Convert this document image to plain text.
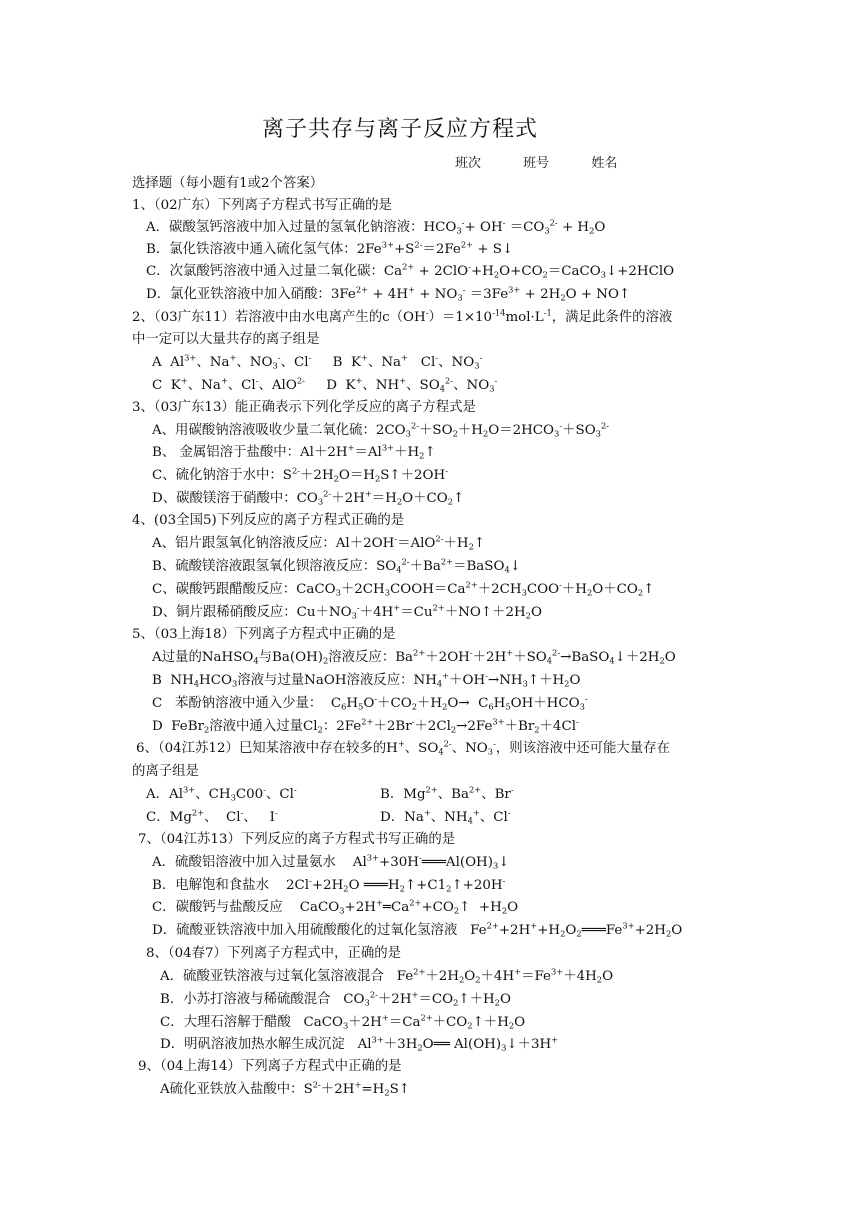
离子共存与离子反应方程式
班次	班号	姓名
选择题（每小题有1或2个答案）
1、（02广东）下列离子方程式书写正确的是
A．碳酸氢钙溶液中加入过量的氢氧化钠溶液：$HCO_3^-+ OH^- =CO_3^{2-} + H_2O$
B．氯化铁溶液中通入硫化氢气体：$2Fe^{3+}+S^{2-}=2Fe^{2+}$ + S↓
C．次氯酸钙溶液中通入过量二氧化碳：$Ca^{2+}$ + $2ClO^-+H_2O+CO_2=CaCO_3↓+2HClO$
D．氯化亚铁溶液中加入硝酸：$3Fe^{2+} + 4H^+ + NO_3^- =3Fe^{3+} + 2H_2O$ + NO↑
2、（03广东11）若溶液中由水电离产生的$c(OH^-)=1\times 10^{-14}mol\cdot L^{-1}$，满足此条件的溶液
中一定可以大量共存的离子组是
A  $Al^{3+}$、Na+、$NO_3^-$、Cl-     B  K+、Na+   Cl-、$NO_3^-$
C  K+、Na+、Cl-、AlO$^{2-}$     D  K+、NH+、$SO_4^{2-}$、$NO_3^-$
3、（03广东13）能正确表示下列化学反应的离子方程式是
A、用碳酸钠溶液吸收少量二氧化硫：$2CO_3^{2-}+SO_2+H_2O=2HCO_3^-+SO_3^{2-}$
B、 金属铝溶于盐酸中：$Al+2H^+=Al^{3+}+H_2↑$
C、硫化钠溶于水中：$S^{2-}+2H_2O=H_2S↑+2OH^-$
D、碳酸镁溶于硝酸中：$CO_3^{2-}+2H^+=H_2O+CO_2↑$
4、(03全国5)下列反应的离子方程式正确的是
A、铝片跟氢氧化钠溶液反应：$Al+2OH^-=AlO^{2-}+H_2↑$
B、硫酸镁溶液跟氢氧化钡溶液反应：$SO_4^{2-}+Ba^{2+}=BaSO_4↓$
C、碳酸钙跟醋酸反应：$CaCO_3+2CH_3COOH=Ca^{2+}+2CH_3COO^-+H_2O+CO_2↑$
D、铜片跟稀硝酸反应：$Cu+NO_3^-+4H^+=Cu^{2+}+NO↑+2H_2O$
5、（03上海18）下列离子方程式中正确的是
A过量的NaHSO$_4$与$Ba(OH)_2$溶液反应：$Ba^{2+}+2OH^-+2H^++SO_4^{2-}\to BaSO_4↓+2H_2O$
B  $NH_4HCO_3$溶液与过量NaOH溶液反应：$NH_4^++OH^-\to NH_3↑+H_2O$
C   苯酚钠溶液中通入少量：  $C_6H_5O^-+CO_2+H_2O\to C_6H_5OH+HCO_3^-$
D  FeBr$_2$溶液中通入过量$Cl_2$：$2Fe^{2+}+2Br^-+2Cl_2\to 2Fe^{3+}+Br_2+4Cl^-$
6、（04江苏12）巳知某溶液中存在较多的H+、$SO_4^{2-}$、$NO_3^-$，则该溶液中还可能大量存在
的离子组是
A．$Al^{3+}$、$CH_3C00^-$、Cl-	B．$Mg^{2+}$、$Ba^{2+}$、Br-
C．$Mg^{2+}$、  Cl-、   I-	D．Na+、$NH_4^+$、Cl-
7、（04江苏13）下列反应的离子方程式书写正确的是
A．硫酸铝溶液中加入过量氨水    $Al^{3+}+30H^-═══Al(OH)_3↓$
B．电解饱和食盐水    $2Cl^-+2H_2O$ $═══H_2↑+C1_2↑+20H^-$
C．碳酸钙与盐酸反应    $CaCO_3+2H^+═Ca^{2+}+CO_2↑ +H_2O$
D．硫酸亚铁溶液中加入用硫酸酸化的过氧化氢溶液   $Fe^{2+}+2H^++H_2O_2═══Fe^{3+}+2H_2O$
8、（04春7）下列离子方程式中，正确的是
A．硫酸亚铁溶液与过氧化氢溶液混合   $Fe^{2+}+2H_2O_2+4H^+=Fe^{3+}+4H_2O$
B．小苏打溶液与稀硫酸混合   $CO_3^{2-}+2H^+=CO_2↑+H_2O$
C．大理石溶解于醋酸   $CaCO_3+2H^+=Ca^{2+}+CO_2↑+H_2O$
D．明矾溶液加热水解生成沉淀   $Al^{3+}+3H_2O══$ $Al(OH)_3↓+3H^+$
9、（04上海14）下列离子方程式中正确的是
A硫化亚铁放入盐酸中：$S^{2-}+2H^+=H_2S↑$
